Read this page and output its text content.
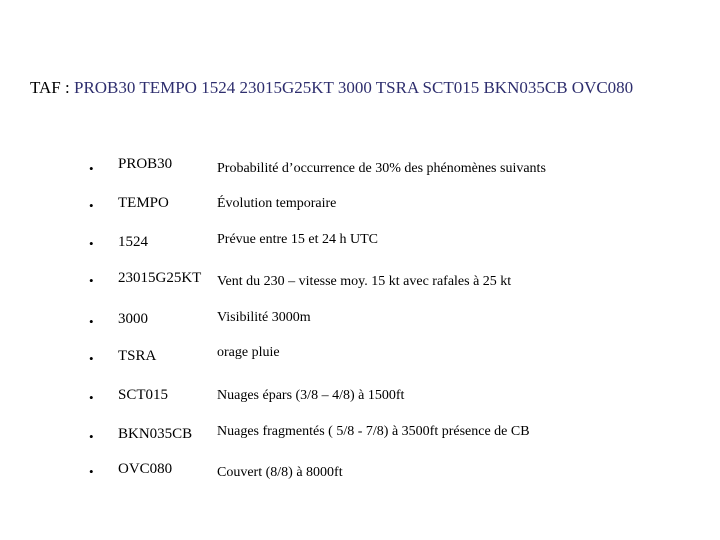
TAF : PROB30 TEMPO 1524 23015G25KT 3000 TSRA SCT015 BKN035CB OVC080
• PROB30	Probabilité d’occurrence de 30% des phénomènes suivants
• TEMPO	Évolution temporaire
• 1524	Prévue entre 15 et 24 h UTC
• 23015G25KT Vent du 230 – vitesse moy. 15 kt avec rafales à 25 kt
• 3000	Visibilité 3000m
• TSRA	orage pluie
• SCT015	Nuages épars (3/8 – 4/8) à 1500ft
• BKN035CB Nuages fragmentés ( 5/8 - 7/8) à 3500ft présence de CB
• OVC080	Couvert (8/8) à 8000ft
